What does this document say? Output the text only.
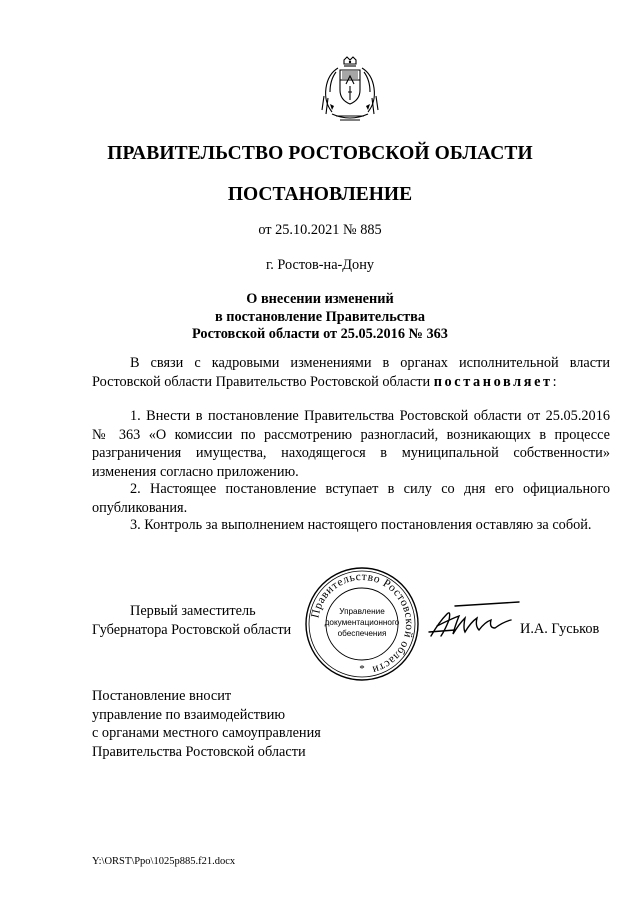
ПРАВИТЕЛЬСТВО РОСТОВСКОЙ ОБЛАСТИ
ПОСТАНОВЛЕНИЕ
от 25.10.2021 № 885
г. Ростов-на-Дону
О внесении изменений
в постановление Правительства
Ростовской области от 25.05.2016 № 363
В связи с кадровыми изменениями в органах исполнительной власти Ростовской области Правительство Ростовской области постановляет:
1. Внести в постановление Правительства Ростовской области от 25.05.2016 № 363 «О комиссии по рассмотрению разногласий, возникающих в процессе разграничения имущества, находящегося в муниципальной собственности» изменения согласно приложению.
2. Настоящее постановление вступает в силу со дня его официального опубликования.
3. Контроль за выполнением настоящего постановления оставляю за собой.
Первый заместитель
Губернатора Ростовской области
Правительство Ростовской области
Управление
документационного
обеспечения
*
И.А. Гуськов
Постановление вносит
управление по взаимодействию
с органами местного самоуправления
Правительства Ростовской области
Y:\ORST\Ppo\1025p885.f21.docx
